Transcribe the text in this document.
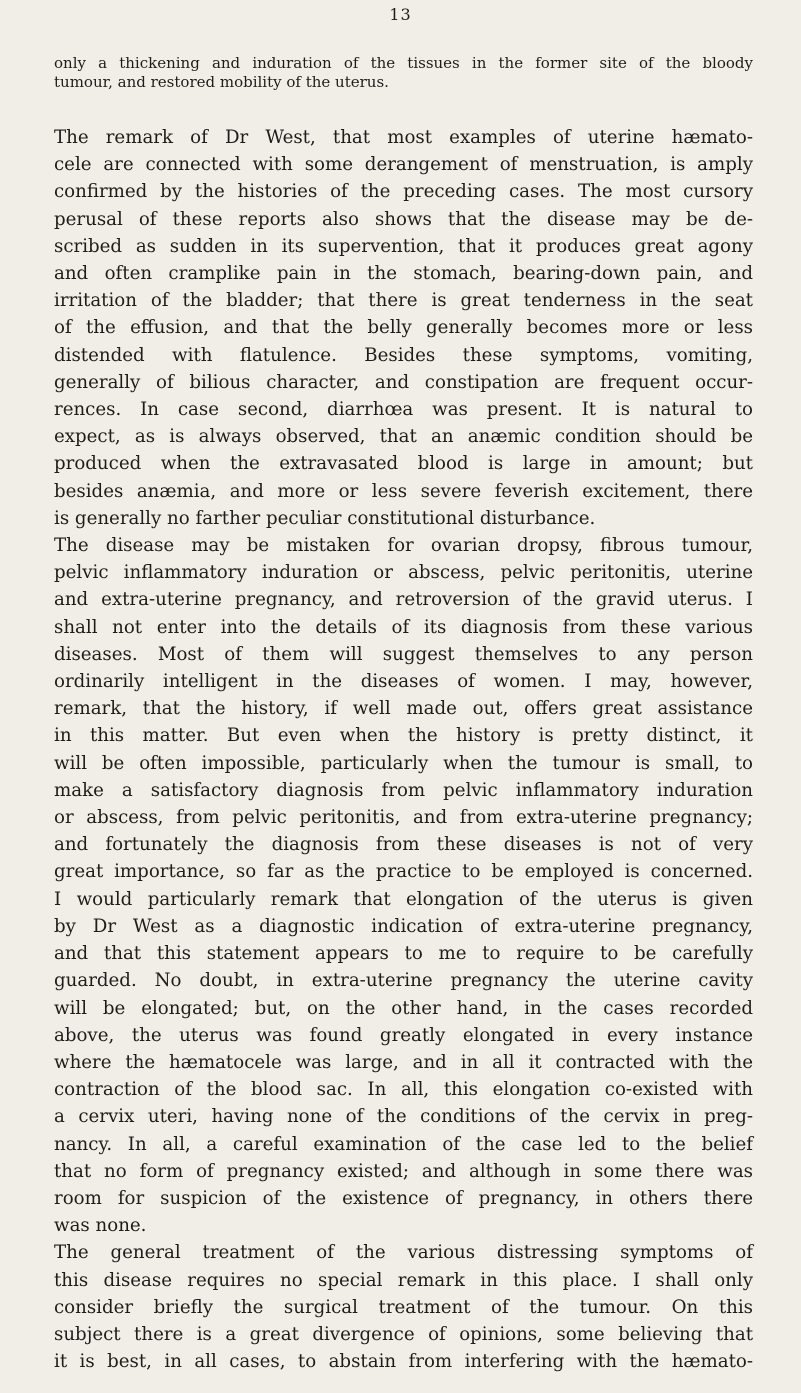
13
only a thickening and induration of the tissues in the former site of the bloody
tumour, and restored mobility of the uterus.
The remark of Dr West, that most examples of uterine hæmato-
cele are connected with some derangement of menstruation, is amply
confirmed by the histories of the preceding cases. The most cursory
perusal of these reports also shows that the disease may be de-
scribed as sudden in its supervention, that it produces great agony
and often cramplike pain in the stomach, bearing-down pain, and
irritation of the bladder; that there is great tenderness in the seat
of the effusion, and that the belly generally becomes more or less
distended with flatulence. Besides these symptoms, vomiting,
generally of bilious character, and constipation are frequent occur-
rences. In case second, diarrhœa was present. It is natural to
expect, as is always observed, that an anæmic condition should be
produced when the extravasated blood is large in amount; but
besides anæmia, and more or less severe feverish excitement, there
is generally no farther peculiar constitutional disturbance.
The disease may be mistaken for ovarian dropsy, fibrous tumour,
pelvic inflammatory induration or abscess, pelvic peritonitis, uterine
and extra-uterine pregnancy, and retroversion of the gravid uterus. I
shall not enter into the details of its diagnosis from these various
diseases. Most of them will suggest themselves to any person
ordinarily intelligent in the diseases of women. I may, however,
remark, that the history, if well made out, offers great assistance
in this matter. But even when the history is pretty distinct, it
will be often impossible, particularly when the tumour is small, to
make a satisfactory diagnosis from pelvic inflammatory induration
or abscess, from pelvic peritonitis, and from extra-uterine pregnancy;
and fortunately the diagnosis from these diseases is not of very
great importance, so far as the practice to be employed is concerned.
I would particularly remark that elongation of the uterus is given
by Dr West as a diagnostic indication of extra-uterine pregnancy,
and that this statement appears to me to require to be carefully
guarded. No doubt, in extra-uterine pregnancy the uterine cavity
will be elongated; but, on the other hand, in the cases recorded
above, the uterus was found greatly elongated in every instance
where the hæmatocele was large, and in all it contracted with the
contraction of the blood sac. In all, this elongation co-existed with
a cervix uteri, having none of the conditions of the cervix in preg-
nancy. In all, a careful examination of the case led to the belief
that no form of pregnancy existed; and although in some there was
room for suspicion of the existence of pregnancy, in others there
was none.
The general treatment of the various distressing symptoms of
this disease requires no special remark in this place. I shall only
consider briefly the surgical treatment of the tumour. On this
subject there is a great divergence of opinions, some believing that
it is best, in all cases, to abstain from interfering with the hæmato-
